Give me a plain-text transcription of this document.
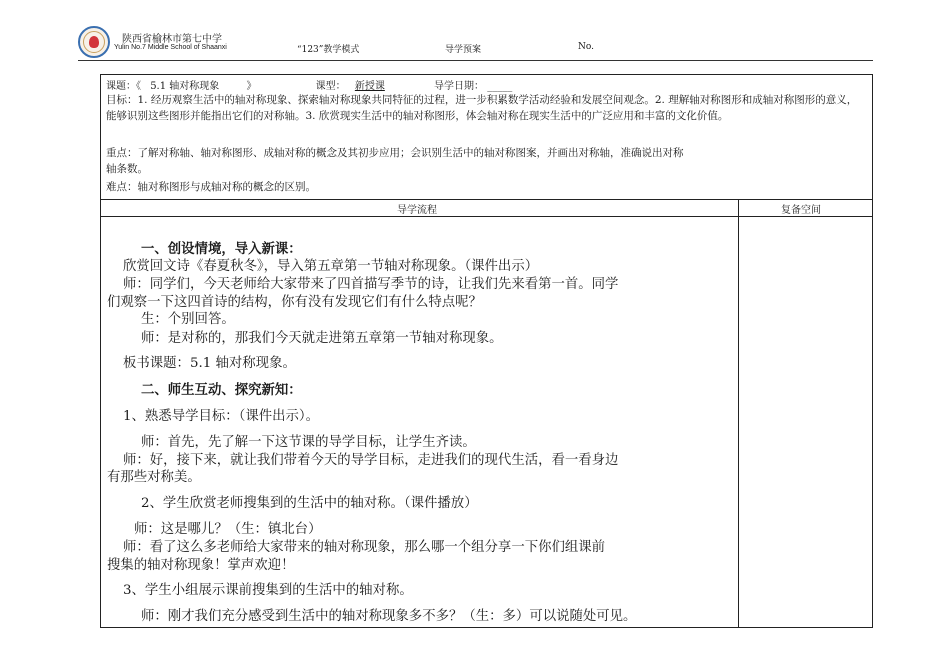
陕西省榆林市第七中学
Yulin No.7 Middle School of Shaanxi	“123”教学模式	导学预案	No.
课题：《 5.1 轴对称现象	》	课型： 新授课	导学日期： _____
目标：1. 经历观察生活中的轴对称现象、探索轴对称现象共同特征的过程，进一步积累数学活动经验和发展空间观念。2. 理解轴对称图形和成轴对称图形的意义，能够识别这些图形并能指出它们的对称轴。3. 欣赏现实生活中的轴对称图形，体会轴对称在现实生活中的广泛应用和丰富的文化价值。
重点：了解对称轴、轴对称图形、成轴对称的概念及其初步应用；会识别生活中的轴对称图案，并画出对称轴，准确说出对称
轴条数。
难点：轴对称图形与成轴对称的概念的区别。
导学流程	复备空间
一、创设情境，导入新课：
欣赏回文诗《春夏秋冬》，导入第五章第一节轴对称现象。（课件出示）
师：同学们，今天老师给大家带来了四首描写季节的诗，让我们先来看第一首。同学
们观察一下这四首诗的结构，你有没有发现它们有什么特点呢？
生：个别回答。
师：是对称的，那我们今天就走进第五章第一节轴对称现象。
板书课题：5.1 轴对称现象。
二、师生互动、探究新知：
1、熟悉导学目标：（课件出示）。
师：首先，先了解一下这节课的导学目标，让学生齐读。
师：好，接下来，就让我们带着今天的导学目标，走进我们的现代生活，看一看身边
有那些对称美。
2、学生欣赏老师搜集到的生活中的轴对称。（课件播放）
师：这是哪儿？（生：镇北台）
师：看了这么多老师给大家带来的轴对称现象，那么哪一个组分享一下你们组课前
搜集的轴对称现象！掌声欢迎！
3、学生小组展示课前搜集到的生活中的轴对称。
师：刚才我们充分感受到生活中的轴对称现象多不多？（生：多）可以说随处可见。
